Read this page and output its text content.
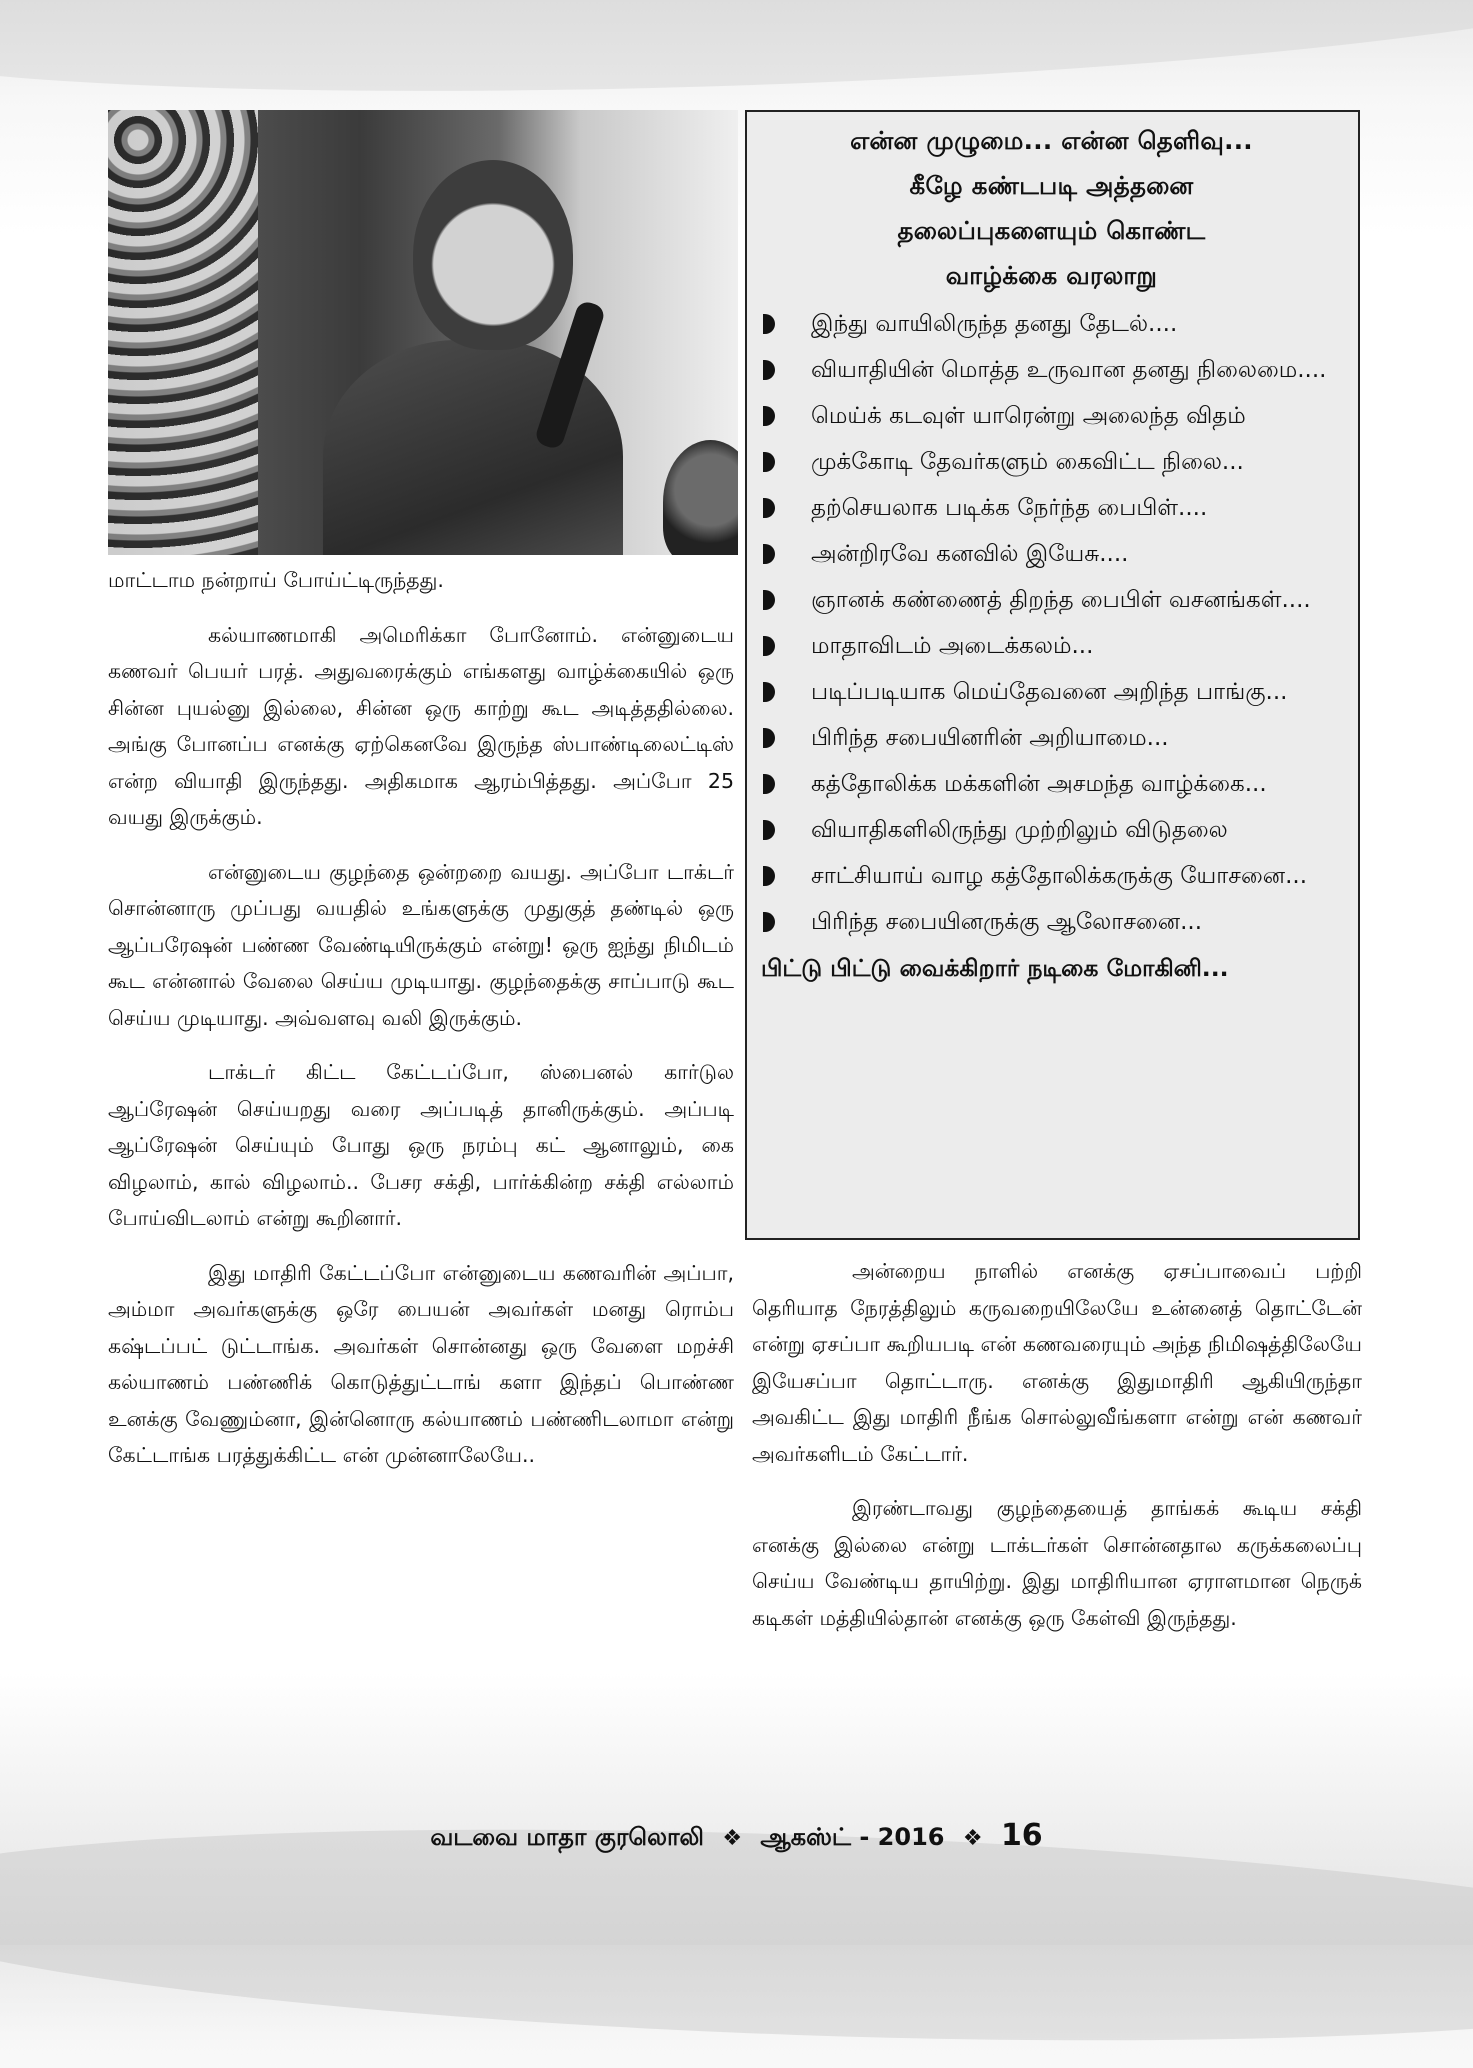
மாட்டாம நன்றாய் போய்ட்டிருந்தது.

கல்யாணமாகி அமெரிக்கா போனோம். என்னுடைய கணவர் பெயர் பரத். அதுவரைக்கும் எங்களது வாழ்க்கையில் ஒரு சின்ன புயல்னு இல்லை, சின்ன ஒரு காற்று கூட அடித்ததில்லை. அங்கு போனப்ப எனக்கு ஏற்கெனவே இருந்த ஸ்பாண்டிலைட்டிஸ் என்ற வியாதி இருந்தது. அதிகமாக ஆரம்பித்தது. அப்போ 25 வயது இருக்கும்.

என்னுடைய குழந்தை ஒன்றறை வயது. அப்போ டாக்டர் சொன்னாரு முப்பது வயதில் உங்களுக்கு முதுகுத் தண்டில் ஒரு ஆப்பரேஷன் பண்ண வேண்டியிருக்கும் என்று! ஒரு ஐந்து நிமிடம் கூட என்னால் வேலை செய்ய முடியாது. குழந்தைக்கு சாப்பாடு கூட செய்ய முடியாது. அவ்வளவு வலி இருக்கும்.

டாக்டர் கிட்ட கேட்டப்போ, ஸ்பைனல் கார்டுல ஆப்ரேஷன் செய்யறது வரை அப்படித் தானிருக்கும். அப்படி ஆப்ரேஷன் செய்யும் போது ஒரு நரம்பு கட் ஆனாலும், கை விழலாம், கால் விழலாம்.. பேசர சக்தி, பார்க்கின்ற சக்தி எல்லாம் போய்விடலாம் என்று கூறினார்.

இது மாதிரி கேட்டப்போ என்னுடைய கணவரின் அப்பா, அம்மா அவர்களுக்கு ஒரே பையன் அவர்கள் மனது ரொம்ப கஷ்டப்பட் டுட்டாங்க. அவர்கள் சொன்னது ஒரு வேளை மறச்சி கல்யாணம் பண்ணிக் கொடுத்துட்டாங் களா இந்தப் பொண்ண உனக்கு வேணும்னா, இன்னொரு கல்யாணம் பண்ணிடலாமா என்று கேட்டாங்க பரத்துக்கிட்ட என் முன்னாலேயே..

என்ன முழுமை... என்ன தெளிவு...
கீழே கண்டபடி அத்தனை
தலைப்புகளையும் கொண்ட
வாழ்க்கை வரலாறு
இந்து வாயிலிருந்த தனது தேடல்....
வியாதியின் மொத்த உருவான தனது நிலைமை....
மெய்க் கடவுள் யாரென்று அலைந்த விதம்
முக்கோடி தேவர்களும் கைவிட்ட நிலை...
தற்செயலாக படிக்க நேர்ந்த பைபிள்....
அன்றிரவே கனவில் இயேசு....
ஞானக் கண்ணைத் திறந்த பைபிள் வசனங்கள்....
மாதாவிடம் அடைக்கலம்...
படிப்படியாக மெய்தேவனை அறிந்த பாங்கு...
பிரிந்த சபையினரின் அறியாமை...
கத்தோலிக்க மக்களின் அசமந்த வாழ்க்கை...
வியாதிகளிலிருந்து முற்றிலும் விடுதலை
சாட்சியாய் வாழ கத்தோலிக்கருக்கு யோசனை...
பிரிந்த சபையினருக்கு ஆலோசனை...
பிட்டு பிட்டு வைக்கிறார் நடிகை மோகினி...

அன்றைய நாளில் எனக்கு ஏசப்பாவைப் பற்றி தெரியாத நேரத்திலும் கருவறையிலேயே உன்னைத் தொட்டேன் என்று ஏசப்பா கூறியபடி என் கணவரையும் அந்த நிமிஷத்திலேயே இயேசப்பா தொட்டாரு. எனக்கு இதுமாதிரி ஆகியிருந்தா அவகிட்ட இது மாதிரி நீங்க சொல்லுவீங்களா என்று என் கணவர் அவர்களிடம் கேட்டார்.

இரண்டாவது குழந்தையைத் தாங்கக் கூடிய சக்தி எனக்கு இல்லை என்று டாக்டர்கள் சொன்னதால கருக்கலைப்பு செய்ய வேண்டிய தாயிற்று. இது மாதிரியான ஏராளமான நெருக் கடிகள் மத்தியில்தான் எனக்கு ஒரு கேள்வி இருந்தது.

வடவை மாதா குரலொலி ❖ ஆகஸ்ட் - 2016 ❖ 16
